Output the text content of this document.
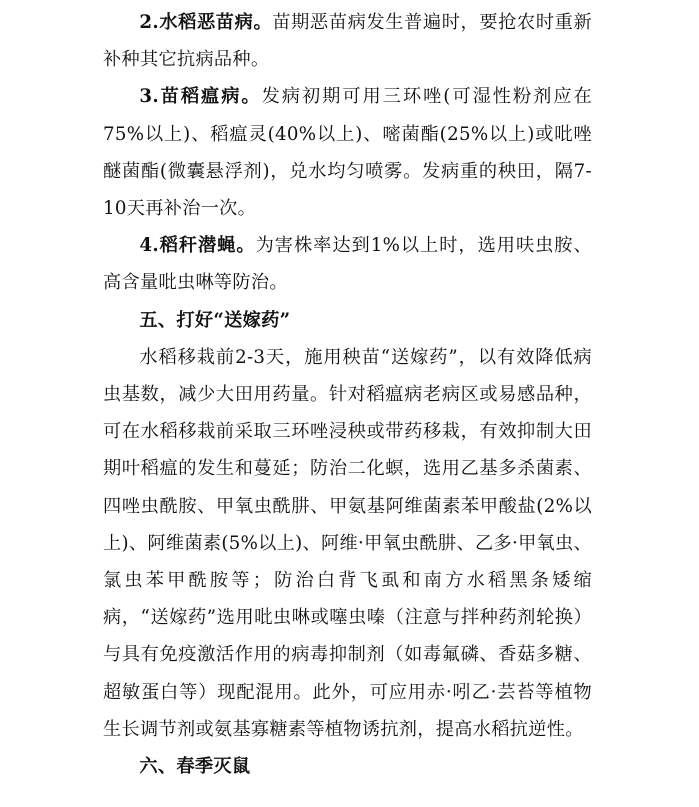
2.水稻恶苗病。苗期恶苗病发生普遍时，要抢农时重新补种其它抗病品种。

3.苗稻瘟病。发病初期可用三环唑(可湿性粉剂应在75%以上)、稻瘟灵(40%以上)、嘧菌酯(25%以上)或吡唑醚菌酯(微囊悬浮剂)，兑水均匀喷雾。发病重的秧田，隔7-10天再补治一次。

4.稻秆潜蝇。为害株率达到1%以上时，选用呋虫胺、高含量吡虫啉等防治。

五、打好“送嫁药”

水稻移栽前2-3天，施用秧苗“送嫁药”，以有效降低病虫基数，减少大田用药量。针对稻瘟病老病区或易感品种，可在水稻移栽前采取三环唑浸秧或带药移栽，有效抑制大田期叶稻瘟的发生和蔓延；防治二化螟，选用乙基多杀菌素、四唑虫酰胺、甲氧虫酰肼、甲氨基阿维菌素苯甲酸盐(2%以上)、阿维菌素(5%以上)、阿维·甲氧虫酰肼、乙多·甲氧虫、氯虫苯甲酰胺等；防治白背飞虱和南方水稻黑条矮缩病，“送嫁药”选用吡虫啉或噻虫嗪（注意与拌种药剂轮换）与具有免疫激活作用的病毒抑制剂（如毒氟磷、香菇多糖、超敏蛋白等）现配混用。此外，可应用赤·吲乙·芸苔等植物生长调节剂或氨基寡糖素等植物诱抗剂，提高水稻抗逆性。

六、春季灭鼠
